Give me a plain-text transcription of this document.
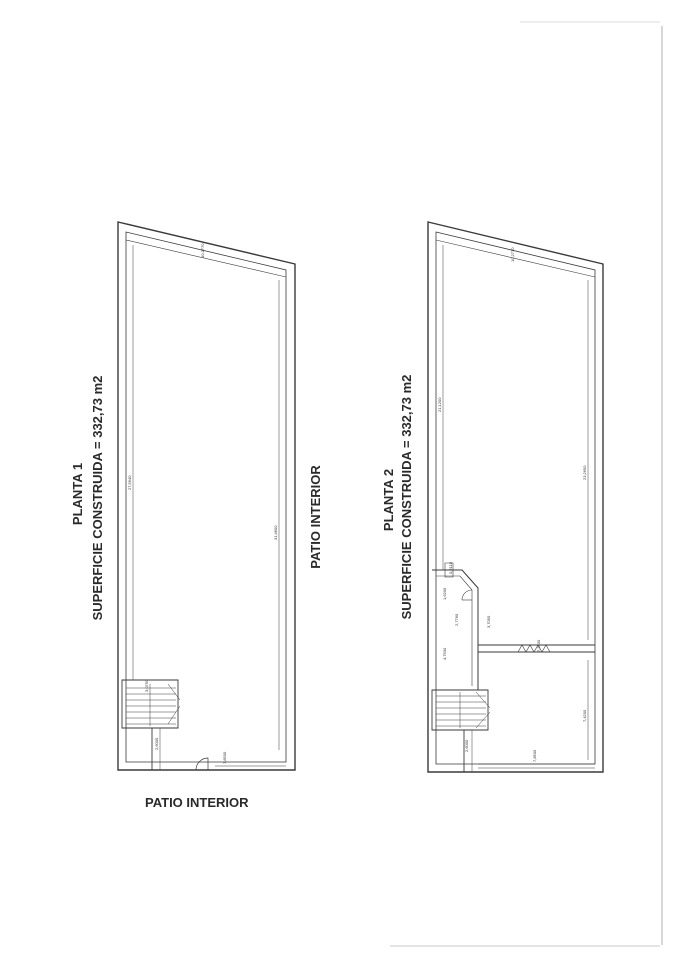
10,2770
27,5640
31,4600
3,0750
2,6000
7,8500
PLANTA 1 SUPERFICIE CONSTRUIDA = 332,73 m2	PATIO INTERIOR
PATIO INTERIOR
10,2770
21,1200
23,2650
0,2110
1,6200
4,7500
2,7760	3,7050
7,3100
2,6000
7,8500
7,4200
PLANTA 2 SUPERFICIE CONSTRUIDA = 332,73 m2
